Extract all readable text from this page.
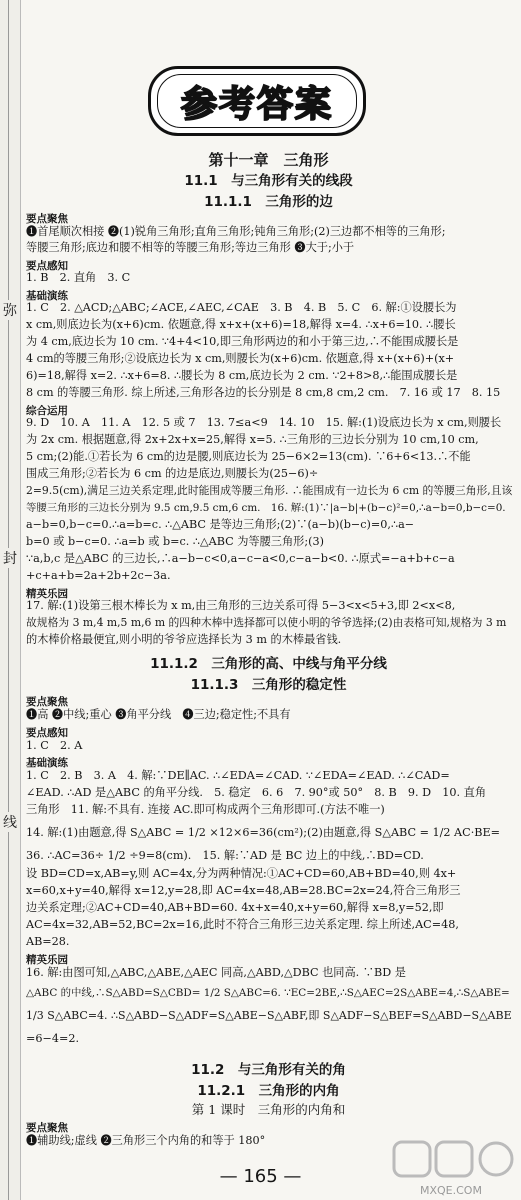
弥
封
线
参考答案
第十一章　三角形
11.1　与三角形有关的线段
11.1.1　三角形的边
要点聚焦
❶首尾顺次相接 ❷(1)锐角三角形;直角三角形;钝角三角形;(2)三边都不相等的三角形;
等腰三角形;底边和腰不相等的等腰三角形;等边三角形 ❸大于;小于
要点感知
1. B　2. 直角　3. C
基础演练
1. C　2. △ACD;△ABC;∠ACE,∠AEC,∠CAE　3. B　4. B　5. C　6. 解:①设腰长为
x cm,则底边长为(x+6)cm. 依题意,得 x+x+(x+6)=18,解得 x=4. ∴x+6=10. ∴腰长
为 4 cm,底边长为 10 cm. ∵4+4<10,即三角形两边的和小于第三边,∴不能围成腰长是
4 cm的等腰三角形;②设底边长为 x cm,则腰长为(x+6)cm. 依题意,得 x+(x+6)+(x+
6)=18,解得 x=2. ∴x+6=8. ∴腰长为 8 cm,底边长为 2 cm. ∵2+8>8,∴能围成腰长是
8 cm 的等腰三角形. 综上所述,三角形各边的长分别是 8 cm,8 cm,2 cm.　7. 16 或 17　8. 15
综合运用
9. D　10. A　11. A　12. 5 或 7　13. 7≤a<9　14. 10　15. 解:(1)设底边长为 x cm,则腰长
为 2x cm. 根据题意,得 2x+2x+x=25,解得 x=5. ∴三角形的三边长分别为 10 cm,10 cm,
5 cm;(2)能.①若长为 6 cm的边是腰,则底边长为 25−6×2=13(cm). ∵6+6<13.∴不能
围成三角形;②若长为 6 cm 的边是底边,则腰长为(25−6)÷
2=9.5(cm),满足三边关系定理,此时能围成等腰三角形. ∴能围成有一边长为 6 cm 的等腰三角形,且该
等腰三角形的三边长分别为 9.5 cm,9.5 cm,6 cm.　16. 解:(1)∵|a−b|+(b−c)²=0,∴a−b=0,b−c=0.
a−b=0,b−c=0.∴a=b=c. ∴△ABC 是等边三角形;(2)∵(a−b)(b−c)=0,∴a−
b=0 或 b−c=0. ∴a=b 或 b=c. ∴△ABC 为等腰三角形;(3)
∵a,b,c 是△ABC 的三边长,∴a−b−c<0,a−c−a<0,c−a−b<0. ∴原式=−a+b+c−a
+c+a+b=2a+2b+2c−3a.
精英乐园
17. 解:(1)设第三根木棒长为 x m,由三角形的三边关系可得 5−3<x<5+3,即 2<x<8,
故规格为 3 m,4 m,5 m,6 m 的四种木棒中选择都可以使小明的爷爷选择;(2)由表格可知,规格为 3 m
的木棒价格最便宜,则小明的爷爷应选择长为 3 m 的木棒最省钱.
11.1.2　三角形的高、中线与角平分线
11.1.3　三角形的稳定性
要点聚焦
❶高 ❷中线;重心 ❸角平分线　❹三边;稳定性;不具有
要点感知
1. C　2. A
基础演练
1. C　2. B　3. A　4. 解:∵DE∥AC. ∴∠EDA=∠CAD. ∵∠EDA=∠EAD. ∴∠CAD=
∠EAD. ∴AD 是△ABC 的角平分线.　5. 稳定　6. 6　7. 90°或 50°　8. B　9. D　10. 直角
三角形　11. 解:不具有. 连接 AC.即可构成两个三角形即可.(方法不唯一)
14. 解:(1)由题意,得 S△ABC = 1/2 ×12×6=36(cm²);(2)由题意,得 S△ABC = 1/2 AC·BE=
36. ∴AC=36÷ 1/2 ÷9=8(cm).　15. 解:∵AD 是 BC 边上的中线,∴BD=CD.
设 BD=CD=x,AB=y,则 AC=4x,分为两种情况:①AC+CD=60,AB+BD=40,则 4x+
x=60,x+y=40,解得 x=12,y=28,即 AC=4x=48,AB=28.BC=2x=24,符合三角形三
边关系定理;②AC+CD=40,AB+BD=60. 4x+x=40,x+y=60,解得 x=8,y=52,即
AC=4x=32,AB=52,BC=2x=16,此时不符合三角形三边关系定理. 综上所述,AC=48,
AB=28.
精英乐园
16. 解:由图可知,△ABC,△ABE,△AEC 同高,△ABD,△DBC 也同高. ∵BD 是
△ABC 的中线,∴S△ABD=S△CBD= 1/2 S△ABC=6. ∵EC=2BE,∴S△AEC=2S△ABE=4,∴S△ABE=
1/3 S△ABC=4. ∴S△ABD−S△ADF=S△ABE−S△ABF,即 S△ADF−S△BEF=S△ABD−S△ABE
=6−4=2.
11.2　与三角形有关的角
11.2.1　三角形的内角
第 1 课时　三角形的内角和
要点聚焦
❶辅助线;虚线 ❷三角形三个内角的和等于 180°
— 165 —
MXQE.COM
